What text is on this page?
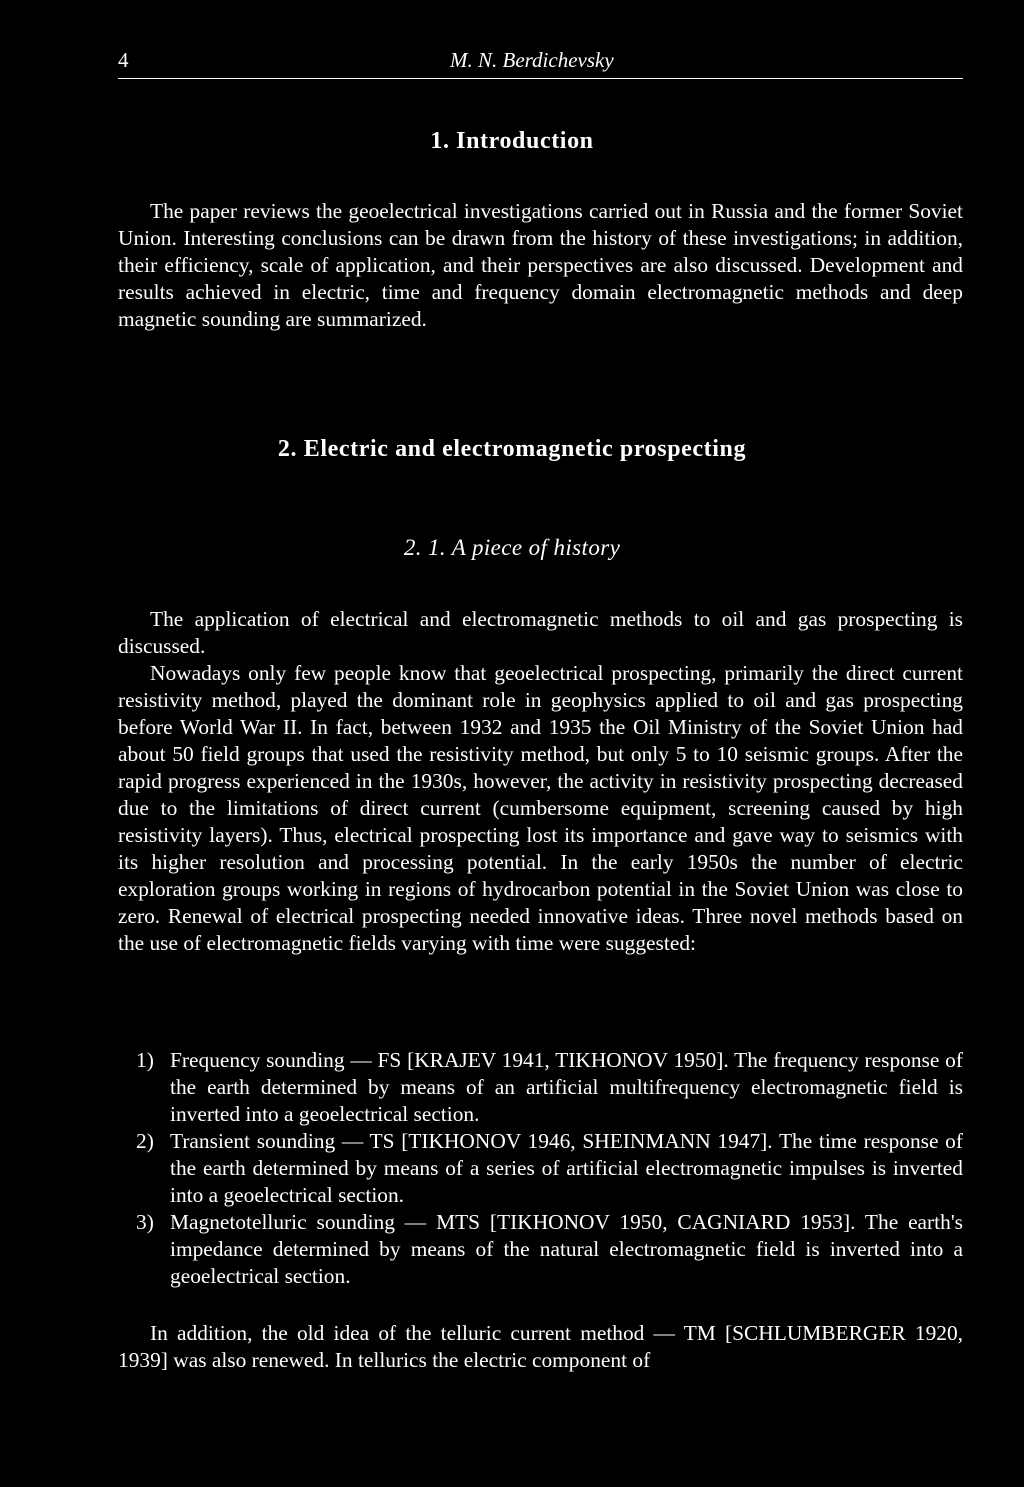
4	M. N. Berdichevsky
1. Introduction

The paper reviews the geoelectrical investigations carried out in Russia and the former Soviet Union. Interesting conclusions can be drawn from the history of these investigations; in addition, their efficiency, scale of application, and their perspectives are also discussed. Development and results achieved in electric, time and frequency domain electromagnetic methods and deep magnetic sounding are summarized.

2. Electric and electromagnetic prospecting
2. 1. A piece of history

The application of electrical and electromagnetic methods to oil and gas prospecting is discussed.

Nowadays only few people know that geoelectrical prospecting, primarily the direct current resistivity method, played the dominant role in geophysics applied to oil and gas prospecting before World War II. In fact, between 1932 and 1935 the Oil Ministry of the Soviet Union had about 50 field groups that used the resistivity method, but only 5 to 10 seismic groups. After the rapid progress experienced in the 1930s, however, the activity in resistivity prospecting decreased due to the limitations of direct current (cumbersome equipment, screening caused by high resistivity layers). Thus, electrical prospecting lost its importance and gave way to seismics with its higher resolution and processing potential. In the early 1950s the number of electric exploration groups working in regions of hydrocarbon potential in the Soviet Union was close to zero. Renewal of electrical prospecting needed innovative ideas. Three novel methods based on the use of electromagnetic fields varying with time were suggested:

1) Frequency sounding — FS [KRAJEV 1941, TIKHONOV 1950]. The frequency response of the earth determined by means of an artificial multifrequency electromagnetic field is inverted into a geoelectrical section.
2) Transient sounding — TS [TIKHONOV 1946, SHEINMANN 1947]. The time response of the earth determined by means of a series of artificial electromagnetic impulses is inverted into a geoelectrical section.
3) Magnetotelluric sounding — MTS [TIKHONOV 1950, CAGNIARD 1953]. The earth's impedance determined by means of the natural electromagnetic field is inverted into a geoelectrical section.

In addition, the old idea of the telluric current method — TM [SCHLUMBERGER 1920, 1939] was also renewed. In tellurics the electric component of
